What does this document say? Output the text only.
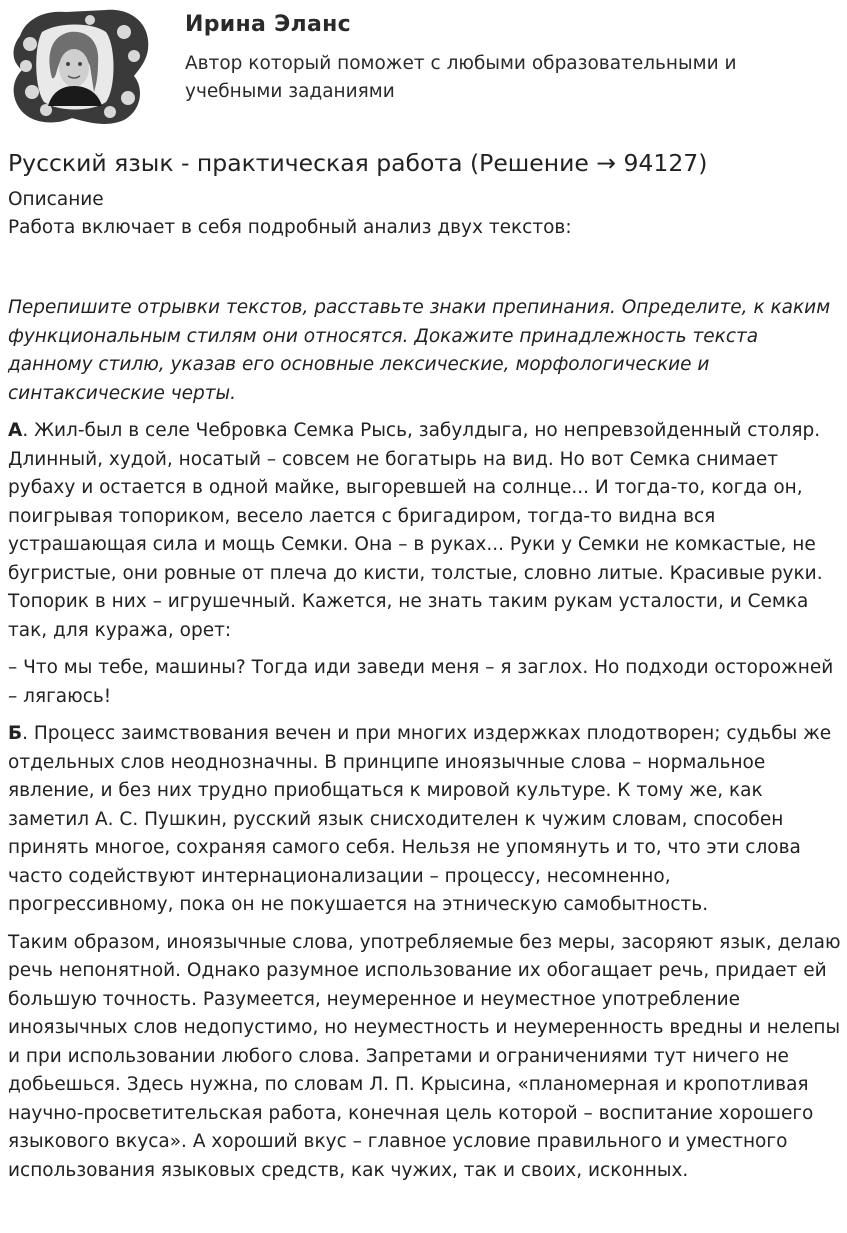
Ирина Эланс
Автор который поможет с любыми образовательными и учебными заданиями
Русский язык - практическая работа (Решение → 94127)
Описание
Работа включает в себя подробный анализ двух текстов:

Перепишите отрывки текстов, расставьте знаки препинания. Определите, к каким функциональным стилям они относятся. Докажите принадлежность текста данному стилю, указав его основные лексические, морфологические и синтаксические черты.

А. Жил-был в селе Чебровка Семка Рысь, забулдыга, но непревзойденный столяр. Длинный, худой, носатый – совсем не богатырь на вид. Но вот Семка снимает рубаху и остается в одной майке, выгоревшей на солнце... И тогда-то, когда он, поигрывая топориком, весело лается с бригадиром, тогда-то видна вся устрашающая сила и мощь Семки. Она – в руках... Руки у Семки не комкастые, не бугристые, они ровные от плеча до кисти, толстые, словно литые. Красивые руки. Топорик в них – игрушечный. Кажется, не знать таким рукам усталости, и Семка так, для куража, орет:

– Что мы тебе, машины? Тогда иди заведи меня – я заглох. Но подходи осторожней – лягаюсь!

Б. Процесс заимствования вечен и при многих издержках плодотворен; судьбы же отдельных слов неоднозначны. В принципе иноязычные слова – нормальное явление, и без них трудно приобщаться к мировой культуре. К тому же, как заметил А. С. Пушкин, русский язык снисходителен к чужим словам, способен принять многое, сохраняя самого себя. Нельзя не упомянуть и то, что эти слова часто содействуют интернационализации – процессу, несомненно, прогрессивному, пока он не покушается на этническую самобытность.

Таким образом, иноязычные слова, употребляемые без меры, засоряют язык, делаю речь непонятной. Однако разумное использование их обогащает речь, придает ей большую точность. Разумеется, неумеренное и неуместное употребление иноязычных слов недопустимо, но неуместность и неумеренность вредны и нелепы и при использовании любого слова. Запретами и ограничениями тут ничего не добьешься. Здесь нужна, по словам Л. П. Крысина, «планомерная и кропотливая научно-просветительская работа, конечная цель которой – воспитание хорошего языкового вкуса». А хороший вкус – главное условие правильного и уместного использования языковых средств, как чужих, так и своих, исконных.
